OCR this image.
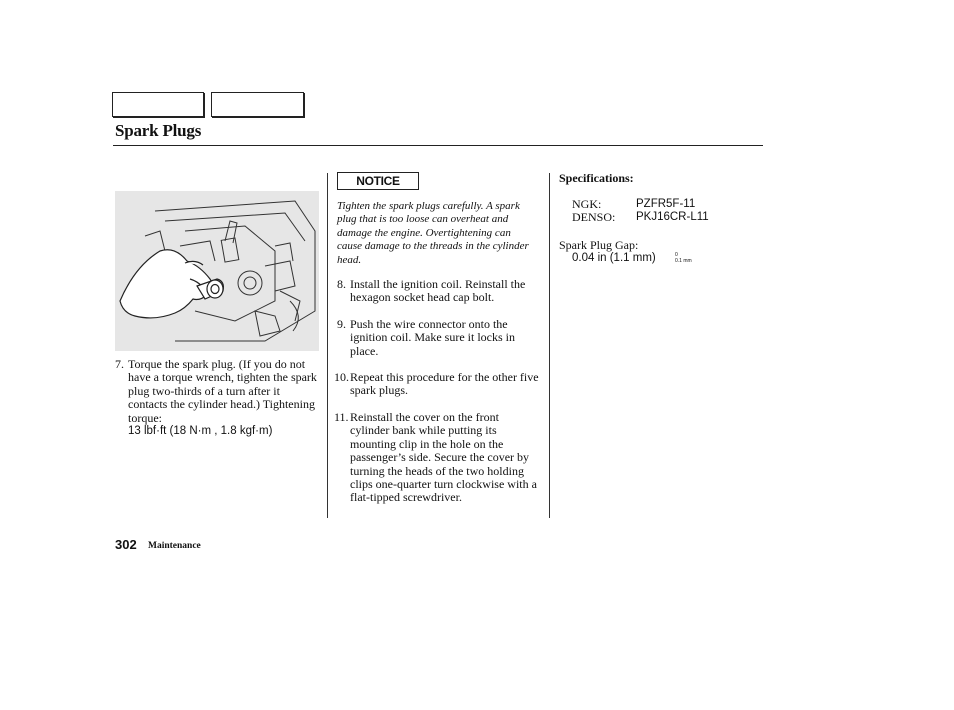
Spark Plugs
7. Torque the spark plug. (If you do not have a torque wrench, tighten the spark plug two-thirds of a turn after it contacts the cylinder head.) Tightening torque:
13 lbf·ft (18 N·m , 1.8 kgf·m)
NOTICE
Tighten the spark plugs carefully. A spark plug that is too loose can overheat and damage the engine. Overtightening can cause damage to the threads in the cylinder head.
8. Install the ignition coil. Reinstall the hexagon socket head cap bolt.
9. Push the wire connector onto the ignition coil. Make sure it locks in place.
10. Repeat this procedure for the other five spark plugs.
11. Reinstall the cover on the front cylinder bank while putting its mounting clip in the hole on the passenger’s side. Secure the cover by turning the heads of the two holding clips one-quarter turn clockwise with a flat-tipped screwdriver.
Specifications:
NGK:	PZFR5F-11
DENSO: PKJ16CR-L11
Spark Plug Gap:
0.04 in (1.1 mm)	0
0.1 mm
302 Maintenance
